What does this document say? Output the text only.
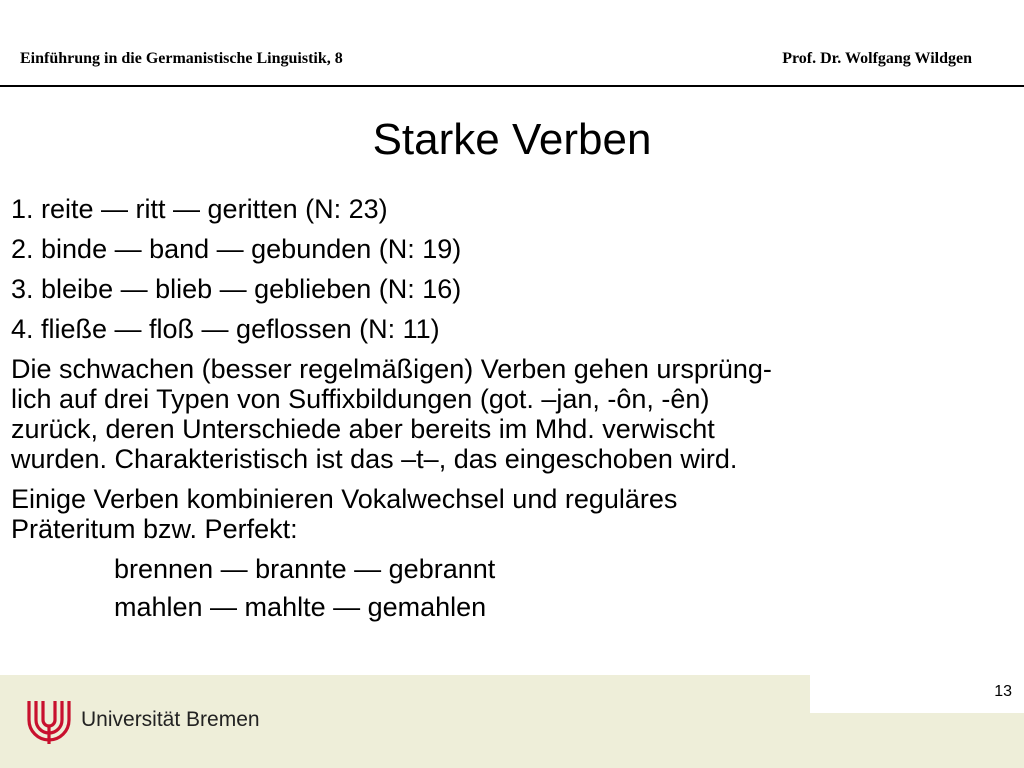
Einführung in die Germanistische Linguistik, 8	Prof. Dr. Wolfgang Wildgen
Starke Verben
1. reite — ritt — geritten (N: 23)
2. binde — band — gebunden (N: 19)
3. bleibe — blieb — geblieben (N: 16)
4. fließe — floß — geflossen (N: 11)
Die schwachen (besser regelmäßigen) Verben gehen ursprüng-
lich auf drei Typen von Suffixbildungen (got. –jan, -ôn, -ên)
zurück, deren Unterschiede aber bereits im Mhd. verwischt
wurden. Charakteristisch ist das –t–, das eingeschoben wird.
Einige Verben kombinieren Vokalwechsel und reguläres
Präteritum bzw. Perfekt:
brennen — brannte — gebrannt
mahlen — mahlte — gemahlen
13
Universität Bremen
